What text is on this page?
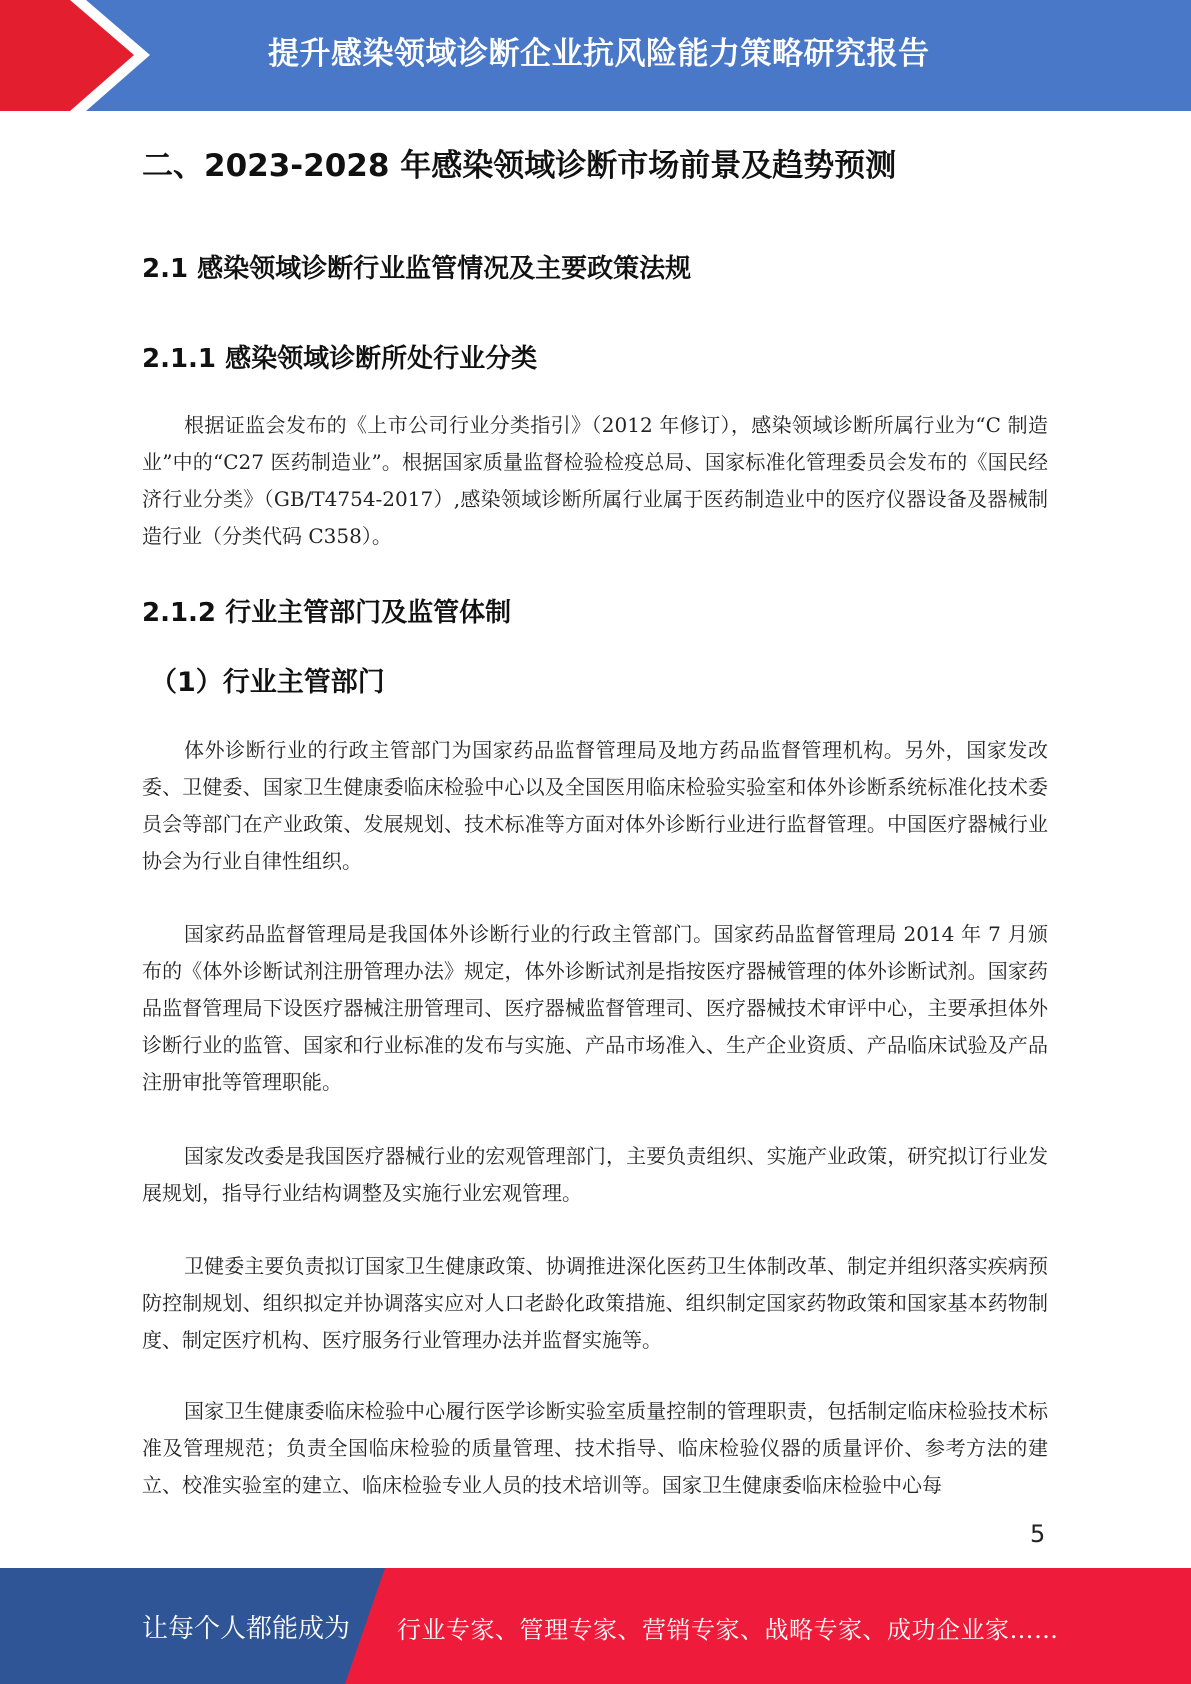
提升感染领域诊断企业抗风险能力策略研究报告
二、2023-2028 年感染领域诊断市场前景及趋势预测
2.1 感染领域诊断行业监管情况及主要政策法规
2.1.1 感染领域诊断所处行业分类

根据证监会发布的《上市公司行业分类指引》（2012 年修订），感染领域诊断所属行业为“C 制造业”中的“C27 医药制造业”。根据国家质量监督检验检疫总局、国家标准化管理委员会发布的《国民经济行业分类》（GB/T4754-2017）,感染领域诊断所属行业属于医药制造业中的医疗仪器设备及器械制造行业（分类代码 C358）。

2.1.2 行业主管部门及监管体制
（1）行业主管部门

体外诊断行业的行政主管部门为国家药品监督管理局及地方药品监督管理机构。另外，国家发改委、卫健委、国家卫生健康委临床检验中心以及全国医用临床检验实验室和体外诊断系统标准化技术委员会等部门在产业政策、发展规划、技术标准等方面对体外诊断行业进行监督管理。中国医疗器械行业协会为行业自律性组织。

国家药品监督管理局是我国体外诊断行业的行政主管部门。国家药品监督管理局 2014 年 7 月颁布的《体外诊断试剂注册管理办法》规定，体外诊断试剂是指按医疗器械管理的体外诊断试剂。国家药品监督管理局下设医疗器械注册管理司、医疗器械监督管理司、医疗器械技术审评中心，主要承担体外诊断行业的监管、国家和行业标准的发布与实施、产品市场准入、生产企业资质、产品临床试验及产品注册审批等管理职能。

国家发改委是我国医疗器械行业的宏观管理部门，主要负责组织、实施产业政策，研究拟订行业发展规划，指导行业结构调整及实施行业宏观管理。

卫健委主要负责拟订国家卫生健康政策、协调推进深化医药卫生体制改革、制定并组织落实疾病预防控制规划、组织拟定并协调落实应对人口老龄化政策措施、组织制定国家药物政策和国家基本药物制度、制定医疗机构、医疗服务行业管理办法并监督实施等。

国家卫生健康委临床检验中心履行医学诊断实验室质量控制的管理职责，包括制定临床检验技术标准及管理规范；负责全国临床检验的质量管理、技术指导、临床检验仪器的质量评价、参考方法的建立、校准实验室的建立、临床检验专业人员的技术培训等。国家卫生健康委临床检验中心每

5
让每个人都能成为 行业专家、管理专家、营销专家、战略专家、成功企业家……
